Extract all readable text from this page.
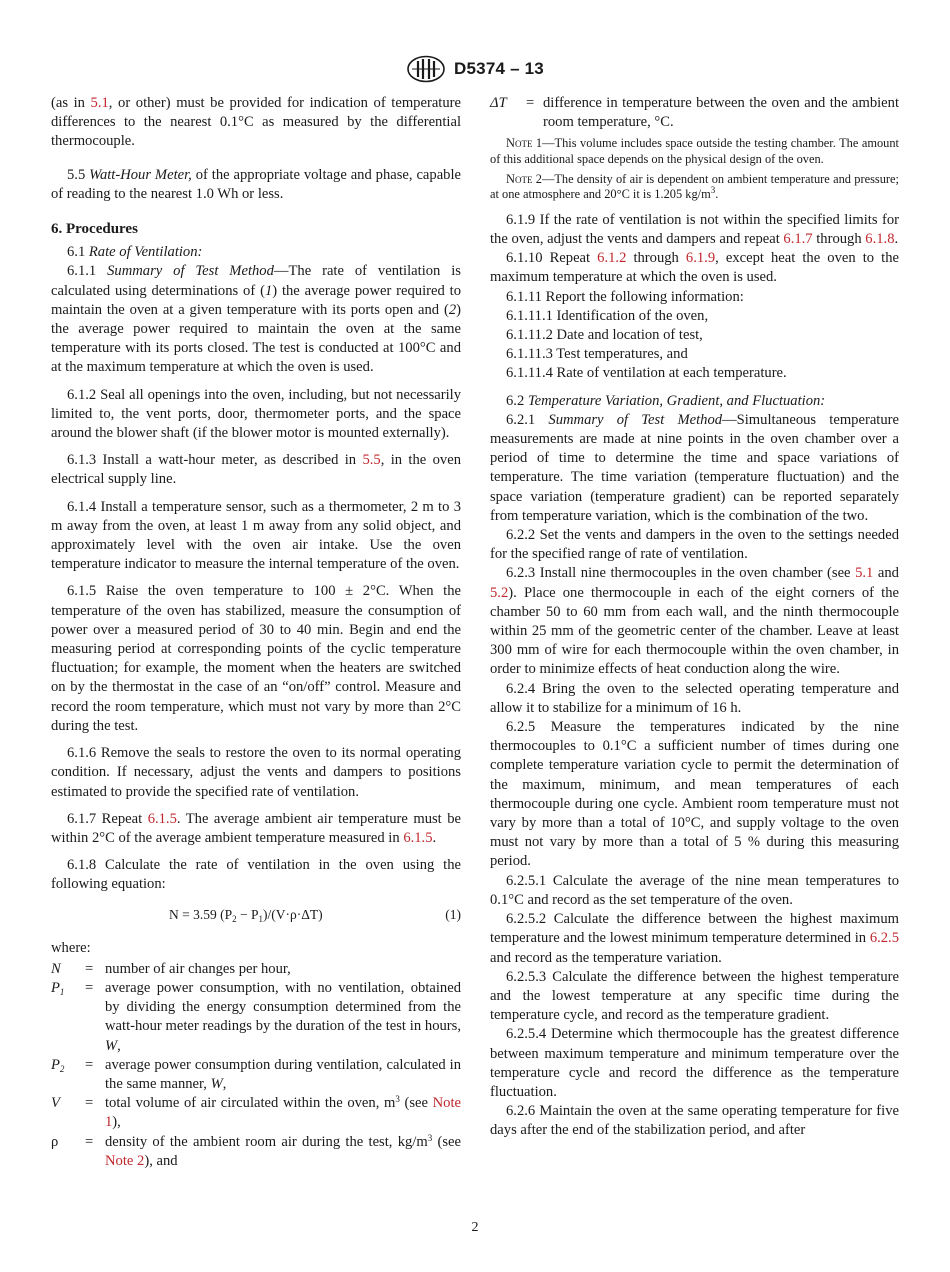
D5374 – 13

(as in 5.1, or other) must be provided for indication of temperature differences to the nearest 0.1°C as measured by the differential thermocouple.

5.5 Watt-Hour Meter, of the appropriate voltage and phase, capable of reading to the nearest 1.0 Wh or less.

6. Procedures

6.1 Rate of Ventilation:

6.1.1 Summary of Test Method—The rate of ventilation is calculated using determinations of (1) the average power required to maintain the oven at a given temperature with its ports open and (2) the average power required to maintain the oven at the same temperature with its ports closed. The test is conducted at 100°C and at the maximum temperature at which the oven is used.

6.1.2 Seal all openings into the oven, including, but not necessarily limited to, the vent ports, door, thermometer ports, and the space around the blower shaft (if the blower motor is mounted externally).

6.1.3 Install a watt-hour meter, as described in 5.5, in the oven electrical supply line.

6.1.4 Install a temperature sensor, such as a thermometer, 2 m to 3 m away from the oven, at least 1 m away from any solid object, and approximately level with the oven air intake. Use the oven temperature indicator to measure the internal temperature of the oven.

6.1.5 Raise the oven temperature to 100 ± 2°C. When the temperature of the oven has stabilized, measure the consumption of power over a measured period of 30 to 40 min. Begin and end the measuring period at corresponding points of the cyclic temperature fluctuation; for example, the moment when the heaters are switched on by the thermostat in the case of an “on/off” control. Measure and record the room temperature, which must not vary by more than 2°C during the test.

6.1.6 Remove the seals to restore the oven to its normal operating condition. If necessary, adjust the vents and dampers to positions estimated to provide the specified rate of ventilation.

6.1.7 Repeat 6.1.5. The average ambient air temperature must be within 2°C of the average ambient temperature measured in 6.1.5.

6.1.8 Calculate the rate of ventilation in the oven using the following equation:

N = 3.59 $(P_2 - P_1)/(V\cdot\rho\cdot\Delta T)$	(1)

where:

N	= number of air changes per hour,
$P_1$	= average power consumption, with no ventilation, obtained by dividing the energy consumption determined from the watt-hour meter readings by the duration of the test in hours, W,
$P_2$	= average power consumption during ventilation, calculated in the same manner, W,
V	= total volume of air circulated within the oven, $m^3$ (see Note 1),
ρ	= density of the ambient room air during the test, $kg/m^3$ (see Note 2), and
ΔT	= difference in temperature between the oven and the ambient room temperature, °C.

Note 1—This volume includes space outside the testing chamber. The amount of this additional space depends on the physical design of the oven.

Note 2—The density of air is dependent on ambient temperature and pressure; at one atmosphere and 20°C it is 1.205 $kg/m^3$.

6.1.9 If the rate of ventilation is not within the specified limits for the oven, adjust the vents and dampers and repeat 6.1.7 through 6.1.8.

6.1.10 Repeat 6.1.2 through 6.1.9, except heat the oven to the maximum temperature at which the oven is used.

6.1.11 Report the following information:

6.1.11.1 Identification of the oven,

6.1.11.2 Date and location of test,

6.1.11.3 Test temperatures, and

6.1.11.4 Rate of ventilation at each temperature.

6.2 Temperature Variation, Gradient, and Fluctuation:

6.2.1 Summary of Test Method—Simultaneous temperature measurements are made at nine points in the oven chamber over a period of time to determine the time and space variations of temperature. The time variation (temperature fluctuation) and the space variation (temperature gradient) can be reported separately from temperature variation, which is the combination of the two.

6.2.2 Set the vents and dampers in the oven to the settings needed for the specified range of rate of ventilation.

6.2.3 Install nine thermocouples in the oven chamber (see 5.1 and 5.2). Place one thermocouple in each of the eight corners of the chamber 50 to 60 mm from each wall, and the ninth thermocouple within 25 mm of the geometric center of the chamber. Leave at least 300 mm of wire for each thermocouple within the oven chamber, in order to minimize effects of heat conduction along the wire.

6.2.4 Bring the oven to the selected operating temperature and allow it to stabilize for a minimum of 16 h.

6.2.5 Measure the temperatures indicated by the nine thermocouples to 0.1°C a sufficient number of times during one complete temperature variation cycle to permit the determination of the maximum, minimum, and mean temperatures of each thermocouple during one cycle. Ambient room temperature must not vary by more than a total of 10°C, and supply voltage to the oven must not vary by more than a total of 5 % during this measuring period.

6.2.5.1 Calculate the average of the nine mean temperatures to 0.1°C and record as the set temperature of the oven.

6.2.5.2 Calculate the difference between the highest maximum temperature and the lowest minimum temperature determined in 6.2.5 and record as the temperature variation.

6.2.5.3 Calculate the difference between the highest temperature and the lowest temperature at any specific time during the temperature cycle, and record as the temperature gradient.

6.2.5.4 Determine which thermocouple has the greatest difference between maximum temperature and minimum temperature over the temperature cycle and record the difference as the temperature fluctuation.

6.2.6 Maintain the oven at the same operating temperature for five days after the end of the stabilization period, and after

2
